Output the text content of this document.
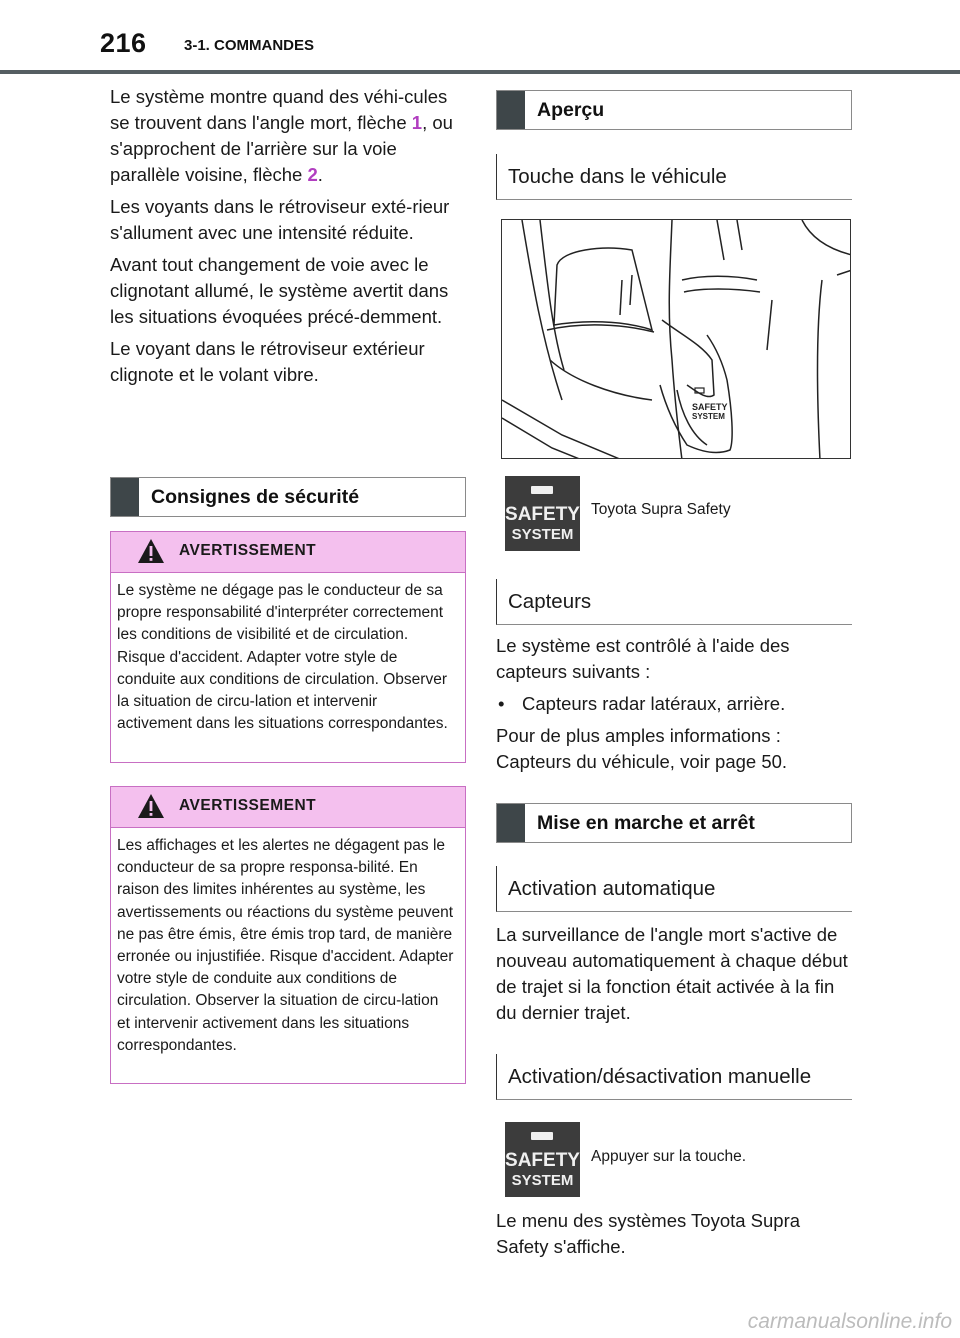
216 3-1. COMMANDES

Le système montre quand des véhi-cules se trouvent dans l'angle mort, flèche 1, ou s'approchent de l'arrière sur la voie parallèle voisine, flèche 2.

Les voyants dans le rétroviseur exté-rieur s'allument avec une intensité réduite.

Avant tout changement de voie avec le clignotant allumé, le système avertit dans les situations évoquées précé-demment.

Le voyant dans le rétroviseur extérieur clignote et le volant vibre.

Consignes de sécurité
AVERTISSEMENT
Le système ne dégage pas le conducteur de sa propre responsabilité d'interpréter correctement les conditions de visibilité et de circulation. Risque d'accident. Adapter votre style de conduite aux conditions de circulation. Observer la situation de circu-lation et intervenir activement dans les situations correspondantes.
AVERTISSEMENT
Les affichages et les alertes ne dégagent pas le conducteur de sa propre responsa-bilité. En raison des limites inhérentes au système, les avertissements ou réactions du système peuvent ne pas être émis, être émis trop tard, de manière erronée ou injustifiée. Risque d'accident. Adapter votre style de conduite aux conditions de circulation. Observer la situation de circu-lation et intervenir activement dans les situations correspondantes.
Aperçu
Touche dans le véhicule
SAFETY
SYSTEM
SAFETY
SYSTEM
Toyota Supra Safety
Capteurs

Le système est contrôlé à l'aide des capteurs suivants :

• Capteurs radar latéraux, arrière.

Pour de plus amples informations : Capteurs du véhicule, voir page 50.

Mise en marche et arrêt
Activation automatique

La surveillance de l'angle mort s'active de nouveau automatiquement à chaque début de trajet si la fonction était activée à la fin du dernier trajet.

Activation/désactivation manuelle
SAFETY
SYSTEM
Appuyer sur la touche.

Le menu des systèmes Toyota Supra Safety s'affiche.

carmanualsonline.info
